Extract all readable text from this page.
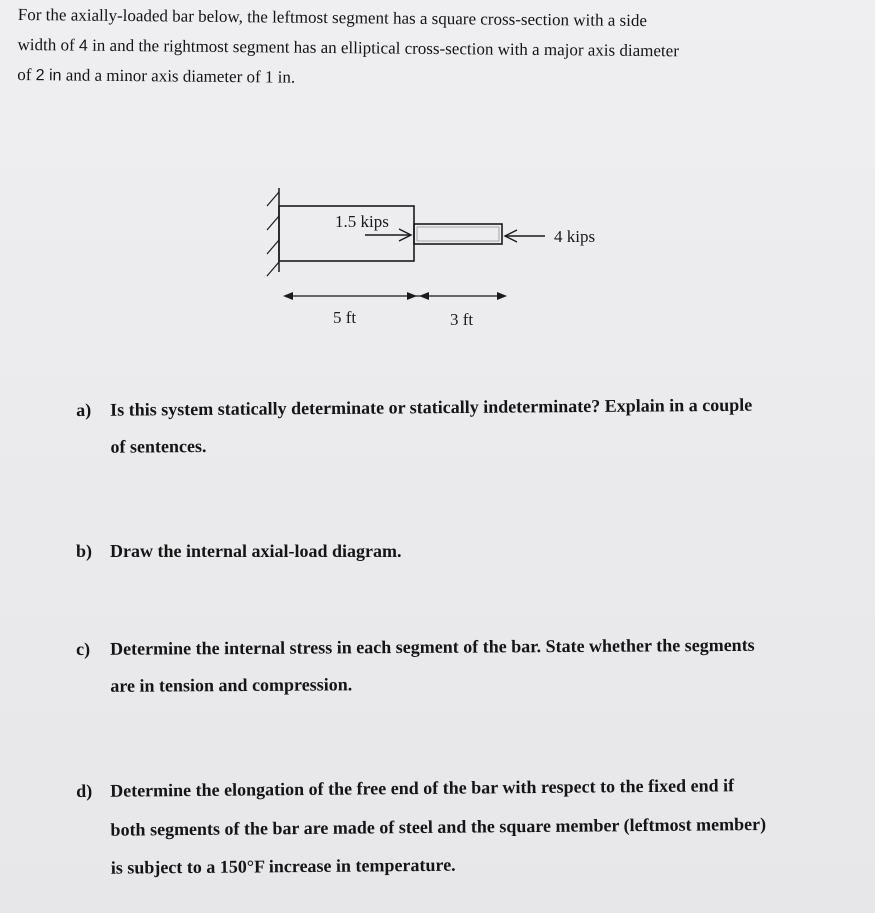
For the axially-loaded bar below, the leftmost segment has a square cross-section with a side

width of 4 in and the rightmost segment has an elliptical cross-section with a major axis diameter

of 2 in and a minor axis diameter of 1 in.

1.5 kips
4 kips
5 ft	3 ft
a) Is this system statically determinate or statically indeterminate? Explain in a couple
of sentences.
b) Draw the internal axial-load diagram.
c) Determine the internal stress in each segment of the bar. State whether the segments
are in tension and compression.
d) Determine the elongation of the free end of the bar with respect to the fixed end if
both segments of the bar are made of steel and the square member (leftmost member)
is subject to a 150°F increase in temperature.
